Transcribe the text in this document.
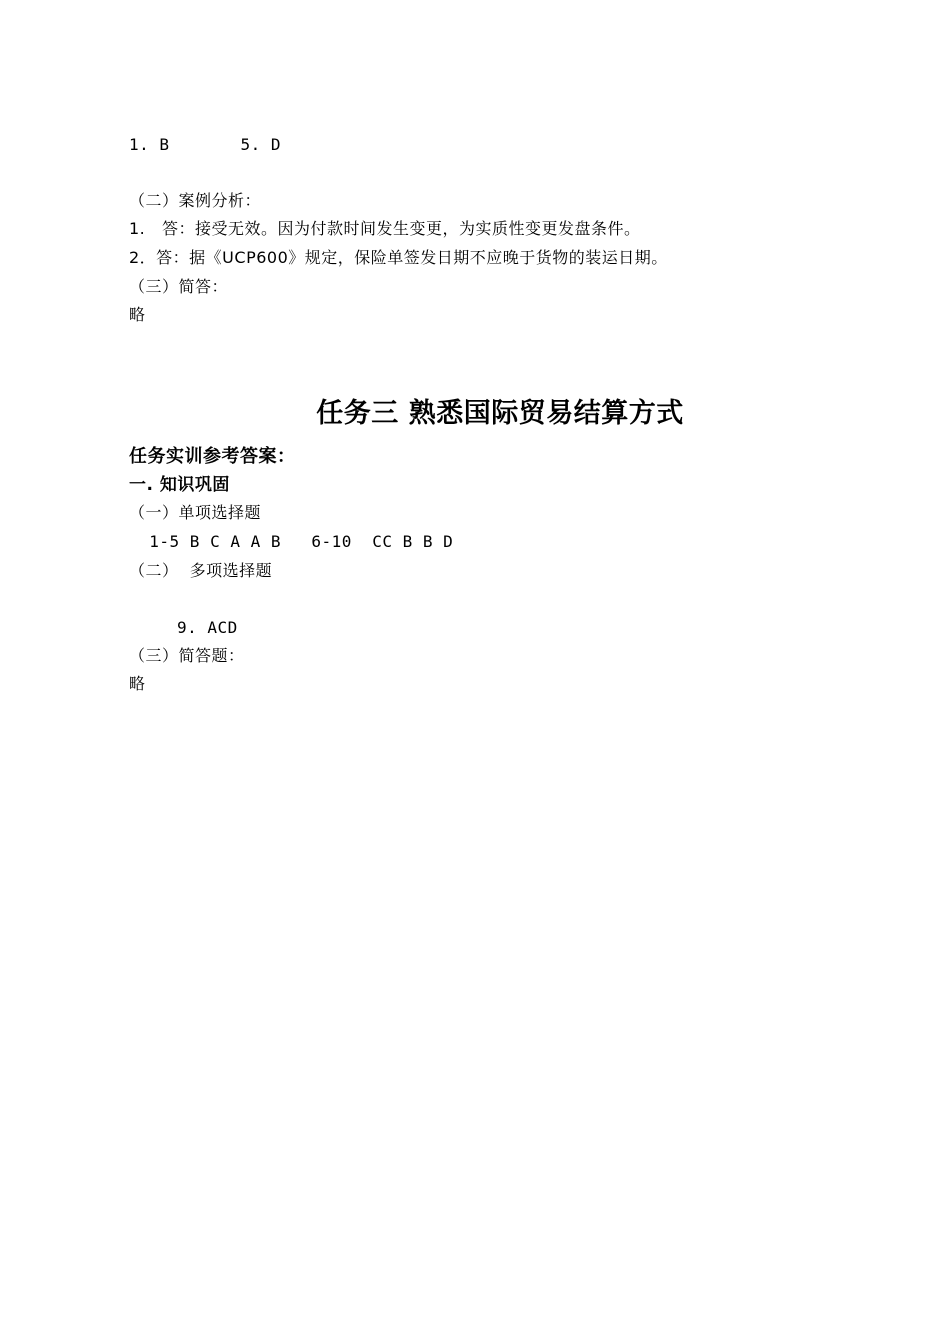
1. B       5. D
（二）案例分析：
1.   答：接受无效。因为付款时间发生变更，为实质性变更发盘条件。
2．答：据《UCP600》规定，保险单签发日期不应晚于货物的装运日期。
（三）简答：
略
任务三 熟悉国际贸易结算方式
任务实训参考答案：
一. 知识巩固
（一）单项选择题
1-5 B C A A B   6-10  CC B B D
（二）  多项选择题
9. ACD
（三）简答题：
略
